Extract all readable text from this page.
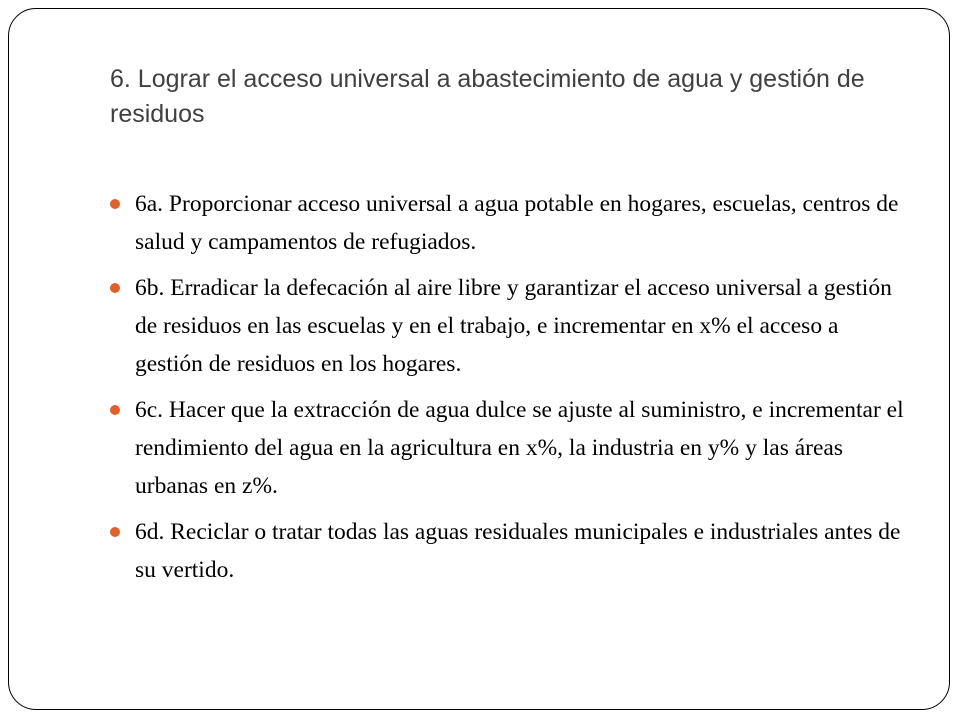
6. Lograr el acceso universal a abastecimiento de agua y gestión de residuos
6a. Proporcionar acceso universal a agua potable en hogares, escuelas, centros de salud y campamentos de refugiados.
6b. Erradicar la defecación al aire libre y garantizar el acceso universal a gestión de residuos en las escuelas y en el trabajo, e incrementar en x% el acceso a gestión de residuos en los hogares.
6c. Hacer que la extracción de agua dulce se ajuste al suministro, e incrementar el rendimiento del agua en la agricultura en x%, la industria en y% y las áreas urbanas en z%.
6d. Reciclar o tratar todas las aguas residuales municipales e industriales antes de su vertido.
